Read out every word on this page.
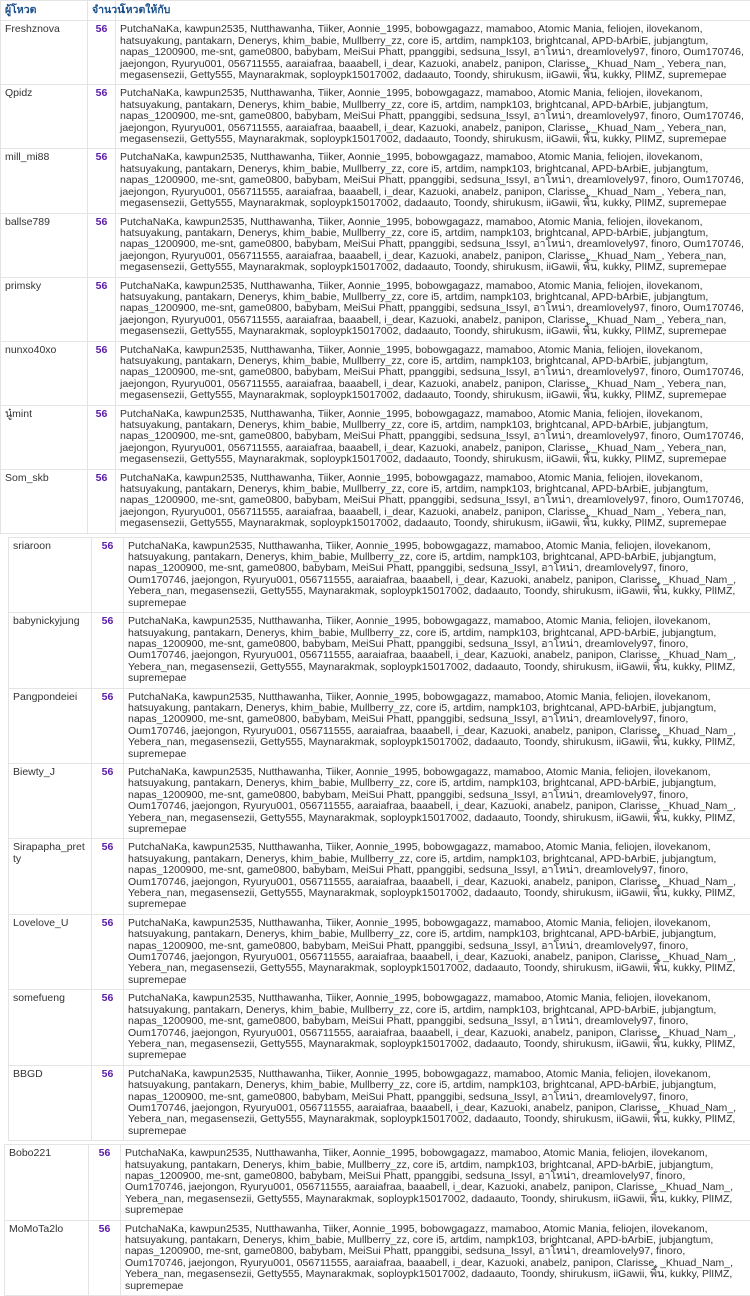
ผู้โหวต	จำนวน	โหวตให้กับ
Freshznova	56	PutchaNaKa, kawpun2535, Nutthawanha, Tiiker, Aonnie_1995, bobowgagazz, mamaboo, Atomic Mania, feliojen, ilovekanom, hatsuyakung, pantakarn, Denerys, khim_babie, Mullberry_zz, core i5, artdim, nampk103, brightcanal, APD-bArbiE, jubjangtum, napas_1200900, me-snt, game0800, babybam, MeiSui Phatt, ppanggibi, sedsuna_IssyI, อาโหน่า, dreamlovely97, finoro, Oum170746, jaejongon, Ryuryu001, 056711555, aaraiafraa, baaabell, i_dear, Kazuoki, anabelz, panipon, Clarisse, _Khuad_Nam_, Yebera_nan, megasensezii, Getty555, Maynarakmak, soploypk15017002, dadaauto, Toondy, shirukusm, iiGawii, พิ้น, kukky, PlIMZ, supremepae
Qpidz	56	PutchaNaKa, kawpun2535, Nutthawanha, Tiiker, Aonnie_1995, bobowgagazz, mamaboo, Atomic Mania, feliojen, ilovekanom, hatsuyakung, pantakarn, Denerys, khim_babie, Mullberry_zz, core i5, artdim, nampk103, brightcanal, APD-bArbiE, jubjangtum, napas_1200900, me-snt, game0800, babybam, MeiSui Phatt, ppanggibi, sedsuna_IssyI, อาโหน่า, dreamlovely97, finoro, Oum170746, jaejongon, Ryuryu001, 056711555, aaraiafraa, baaabell, i_dear, Kazuoki, anabelz, panipon, Clarisse, _Khuad_Nam_, Yebera_nan, megasensezii, Getty555, Maynarakmak, soploypk15017002, dadaauto, Toondy, shirukusm, iiGawii, พิ้น, kukky, PlIMZ, supremepae
mill_mi88	56	PutchaNaKa, kawpun2535, Nutthawanha, Tiiker, Aonnie_1995, bobowgagazz, mamaboo, Atomic Mania, feliojen, ilovekanom, hatsuyakung, pantakarn, Denerys, khim_babie, Mullberry_zz, core i5, artdim, nampk103, brightcanal, APD-bArbiE, jubjangtum, napas_1200900, me-snt, game0800, babybam, MeiSui Phatt, ppanggibi, sedsuna_IssyI, อาโหน่า, dreamlovely97, finoro, Oum170746, jaejongon, Ryuryu001, 056711555, aaraiafraa, baaabell, i_dear, Kazuoki, anabelz, panipon, Clarisse, _Khuad_Nam_, Yebera_nan, megasensezii, Getty555, Maynarakmak, soploypk15017002, dadaauto, Toondy, shirukusm, iiGawii, พิ้น, kukky, PlIMZ, supremepae
ballse789	56	PutchaNaKa, kawpun2535, Nutthawanha, Tiiker, Aonnie_1995, bobowgagazz, mamaboo, Atomic Mania, feliojen, ilovekanom, hatsuyakung, pantakarn, Denerys, khim_babie, Mullberry_zz, core i5, artdim, nampk103, brightcanal, APD-bArbiE, jubjangtum, napas_1200900, me-snt, game0800, babybam, MeiSui Phatt, ppanggibi, sedsuna_IssyI, อาโหน่า, dreamlovely97, finoro, Oum170746, jaejongon, Ryuryu001, 056711555, aaraiafraa, baaabell, i_dear, Kazuoki, anabelz, panipon, Clarisse, _Khuad_Nam_, Yebera_nan, megasensezii, Getty555, Maynarakmak, soploypk15017002, dadaauto, Toondy, shirukusm, iiGawii, พิ้น, kukky, PlIMZ, supremepae
primsky	56	PutchaNaKa, kawpun2535, Nutthawanha, Tiiker, Aonnie_1995, bobowgagazz, mamaboo, Atomic Mania, feliojen, ilovekanom, hatsuyakung, pantakarn, Denerys, khim_babie, Mullberry_zz, core i5, artdim, nampk103, brightcanal, APD-bArbiE, jubjangtum, napas_1200900, me-snt, game0800, babybam, MeiSui Phatt, ppanggibi, sedsuna_IssyI, อาโหน่า, dreamlovely97, finoro, Oum170746, jaejongon, Ryuryu001, 056711555, aaraiafraa, baaabell, i_dear, Kazuoki, anabelz, panipon, Clarisse, _Khuad_Nam_, Yebera_nan, megasensezii, Getty555, Maynarakmak, soploypk15017002, dadaauto, Toondy, shirukusm, iiGawii, พิ้น, kukky, PlIMZ, supremepae
nunxo40xo	56	PutchaNaKa, kawpun2535, Nutthawanha, Tiiker, Aonnie_1995, bobowgagazz, mamaboo, Atomic Mania, feliojen, ilovekanom, hatsuyakung, pantakarn, Denerys, khim_babie, Mullberry_zz, core i5, artdim, nampk103, brightcanal, APD-bArbiE, jubjangtum, napas_1200900, me-snt, game0800, babybam, MeiSui Phatt, ppanggibi, sedsuna_IssyI, อาโหน่า, dreamlovely97, finoro, Oum170746, jaejongon, Ryuryu001, 056711555, aaraiafraa, baaabell, i_dear, Kazuoki, anabelz, panipon, Clarisse, _Khuad_Nam_, Yebera_nan, megasensezii, Getty555, Maynarakmak, soploypk15017002, dadaauto, Toondy, shirukusm, iiGawii, พิ้น, kukky, PlIMZ, supremepae
นู๋mint	56	PutchaNaKa, kawpun2535, Nutthawanha, Tiiker, Aonnie_1995, bobowgagazz, mamaboo, Atomic Mania, feliojen, ilovekanom, hatsuyakung, pantakarn, Denerys, khim_babie, Mullberry_zz, core i5, artdim, nampk103, brightcanal, APD-bArbiE, jubjangtum, napas_1200900, me-snt, game0800, babybam, MeiSui Phatt, ppanggibi, sedsuna_IssyI, อาโหน่า, dreamlovely97, finoro, Oum170746, jaejongon, Ryuryu001, 056711555, aaraiafraa, baaabell, i_dear, Kazuoki, anabelz, panipon, Clarisse, _Khuad_Nam_, Yebera_nan, megasensezii, Getty555, Maynarakmak, soploypk15017002, dadaauto, Toondy, shirukusm, iiGawii, พิ้น, kukky, PlIMZ, supremepae
Som_skb	56	PutchaNaKa, kawpun2535, Nutthawanha, Tiiker, Aonnie_1995, bobowgagazz, mamaboo, Atomic Mania, feliojen, ilovekanom, hatsuyakung, pantakarn, Denerys, khim_babie, Mullberry_zz, core i5, artdim, nampk103, brightcanal, APD-bArbiE, jubjangtum, napas_1200900, me-snt, game0800, babybam, MeiSui Phatt, ppanggibi, sedsuna_IssyI, อาโหน่า, dreamlovely97, finoro, Oum170746, jaejongon, Ryuryu001, 056711555, aaraiafraa, baaabell, i_dear, Kazuoki, anabelz, panipon, Clarisse, _Khuad_Nam_, Yebera_nan, megasensezii, Getty555, Maynarakmak, soploypk15017002, dadaauto, Toondy, shirukusm, iiGawii, พิ้น, kukky, PlIMZ, supremepae
sriaroon	56	PutchaNaKa, kawpun2535, Nutthawanha, Tiiker, Aonnie_1995, bobowgagazz, mamaboo, Atomic Mania, feliojen, ilovekanom, hatsuyakung, pantakarn, Denerys, khim_babie, Mullberry_zz, core i5, artdim, nampk103, brightcanal, APD-bArbiE, jubjangtum, napas_1200900, me-snt, game0800, babybam, MeiSui Phatt, ppanggibi, sedsuna_IssyI, อาโหน่า, dreamlovely97, finoro, Oum170746, jaejongon, Ryuryu001, 056711555, aaraiafraa, baaabell, i_dear, Kazuoki, anabelz, panipon, Clarisse, _Khuad_Nam_, Yebera_nan, megasensezii, Getty555, Maynarakmak, soploypk15017002, dadaauto, Toondy, shirukusm, iiGawii, พิ้น, kukky, PlIMZ, supremepae
babynickyjung	56	PutchaNaKa, kawpun2535, Nutthawanha, Tiiker, Aonnie_1995, bobowgagazz, mamaboo, Atomic Mania, feliojen, ilovekanom, hatsuyakung, pantakarn, Denerys, khim_babie, Mullberry_zz, core i5, artdim, nampk103, brightcanal, APD-bArbiE, jubjangtum, napas_1200900, me-snt, game0800, babybam, MeiSui Phatt, ppanggibi, sedsuna_IssyI, อาโหน่า, dreamlovely97, finoro, Oum170746, jaejongon, Ryuryu001, 056711555, aaraiafraa, baaabell, i_dear, Kazuoki, anabelz, panipon, Clarisse, _Khuad_Nam_, Yebera_nan, megasensezii, Getty555, Maynarakmak, soploypk15017002, dadaauto, Toondy, shirukusm, iiGawii, พิ้น, kukky, PlIMZ, supremepae
Pangpondeiei	56	PutchaNaKa, kawpun2535, Nutthawanha, Tiiker, Aonnie_1995, bobowgagazz, mamaboo, Atomic Mania, feliojen, ilovekanom, hatsuyakung, pantakarn, Denerys, khim_babie, Mullberry_zz, core i5, artdim, nampk103, brightcanal, APD-bArbiE, jubjangtum, napas_1200900, me-snt, game0800, babybam, MeiSui Phatt, ppanggibi, sedsuna_IssyI, อาโหน่า, dreamlovely97, finoro, Oum170746, jaejongon, Ryuryu001, 056711555, aaraiafraa, baaabell, i_dear, Kazuoki, anabelz, panipon, Clarisse, _Khuad_Nam_, Yebera_nan, megasensezii, Getty555, Maynarakmak, soploypk15017002, dadaauto, Toondy, shirukusm, iiGawii, พิ้น, kukky, PlIMZ, supremepae
Biewty_J	56	PutchaNaKa, kawpun2535, Nutthawanha, Tiiker, Aonnie_1995, bobowgagazz, mamaboo, Atomic Mania, feliojen, ilovekanom, hatsuyakung, pantakarn, Denerys, khim_babie, Mullberry_zz, core i5, artdim, nampk103, brightcanal, APD-bArbiE, jubjangtum, napas_1200900, me-snt, game0800, babybam, MeiSui Phatt, ppanggibi, sedsuna_IssyI, อาโหน่า, dreamlovely97, finoro, Oum170746, jaejongon, Ryuryu001, 056711555, aaraiafraa, baaabell, i_dear, Kazuoki, anabelz, panipon, Clarisse, _Khuad_Nam_, Yebera_nan, megasensezii, Getty555, Maynarakmak, soploypk15017002, dadaauto, Toondy, shirukusm, iiGawii, พิ้น, kukky, PlIMZ, supremepae
Sirapapha_pretty	56	PutchaNaKa, kawpun2535, Nutthawanha, Tiiker, Aonnie_1995, bobowgagazz, mamaboo, Atomic Mania, feliojen, ilovekanom, hatsuyakung, pantakarn, Denerys, khim_babie, Mullberry_zz, core i5, artdim, nampk103, brightcanal, APD-bArbiE, jubjangtum, napas_1200900, me-snt, game0800, babybam, MeiSui Phatt, ppanggibi, sedsuna_IssyI, อาโหน่า, dreamlovely97, finoro, Oum170746, jaejongon, Ryuryu001, 056711555, aaraiafraa, baaabell, i_dear, Kazuoki, anabelz, panipon, Clarisse, _Khuad_Nam_, Yebera_nan, megasensezii, Getty555, Maynarakmak, soploypk15017002, dadaauto, Toondy, shirukusm, iiGawii, พิ้น, kukky, PlIMZ, supremepae
Lovelove_U	56	PutchaNaKa, kawpun2535, Nutthawanha, Tiiker, Aonnie_1995, bobowgagazz, mamaboo, Atomic Mania, feliojen, ilovekanom, hatsuyakung, pantakarn, Denerys, khim_babie, Mullberry_zz, core i5, artdim, nampk103, brightcanal, APD-bArbiE, jubjangtum, napas_1200900, me-snt, game0800, babybam, MeiSui Phatt, ppanggibi, sedsuna_IssyI, อาโหน่า, dreamlovely97, finoro, Oum170746, jaejongon, Ryuryu001, 056711555, aaraiafraa, baaabell, i_dear, Kazuoki, anabelz, panipon, Clarisse, _Khuad_Nam_, Yebera_nan, megasensezii, Getty555, Maynarakmak, soploypk15017002, dadaauto, Toondy, shirukusm, iiGawii, พิ้น, kukky, PlIMZ, supremepae
somefueng	56	PutchaNaKa, kawpun2535, Nutthawanha, Tiiker, Aonnie_1995, bobowgagazz, mamaboo, Atomic Mania, feliojen, ilovekanom, hatsuyakung, pantakarn, Denerys, khim_babie, Mullberry_zz, core i5, artdim, nampk103, brightcanal, APD-bArbiE, jubjangtum, napas_1200900, me-snt, game0800, babybam, MeiSui Phatt, ppanggibi, sedsuna_IssyI, อาโหน่า, dreamlovely97, finoro, Oum170746, jaejongon, Ryuryu001, 056711555, aaraiafraa, baaabell, i_dear, Kazuoki, anabelz, panipon, Clarisse, _Khuad_Nam_, Yebera_nan, megasensezii, Getty555, Maynarakmak, soploypk15017002, dadaauto, Toondy, shirukusm, iiGawii, พิ้น, kukky, PlIMZ, supremepae
BBGD	56	PutchaNaKa, kawpun2535, Nutthawanha, Tiiker, Aonnie_1995, bobowgagazz, mamaboo, Atomic Mania, feliojen, ilovekanom, hatsuyakung, pantakarn, Denerys, khim_babie, Mullberry_zz, core i5, artdim, nampk103, brightcanal, APD-bArbiE, jubjangtum, napas_1200900, me-snt, game0800, babybam, MeiSui Phatt, ppanggibi, sedsuna_IssyI, อาโหน่า, dreamlovely97, finoro, Oum170746, jaejongon, Ryuryu001, 056711555, aaraiafraa, baaabell, i_dear, Kazuoki, anabelz, panipon, Clarisse, _Khuad_Nam_, Yebera_nan, megasensezii, Getty555, Maynarakmak, soploypk15017002, dadaauto, Toondy, shirukusm, iiGawii, พิ้น, kukky, PlIMZ, supremepae
Bobo221	56	PutchaNaKa, kawpun2535, Nutthawanha, Tiiker, Aonnie_1995, bobowgagazz, mamaboo, Atomic Mania, feliojen, ilovekanom, hatsuyakung, pantakarn, Denerys, khim_babie, Mullberry_zz, core i5, artdim, nampk103, brightcanal, APD-bArbiE, jubjangtum, napas_1200900, me-snt, game0800, babybam, MeiSui Phatt, ppanggibi, sedsuna_IssyI, อาโหน่า, dreamlovely97, finoro, Oum170746, jaejongon, Ryuryu001, 056711555, aaraiafraa, baaabell, i_dear, Kazuoki, anabelz, panipon, Clarisse, _Khuad_Nam_, Yebera_nan, megasensezii, Getty555, Maynarakmak, soploypk15017002, dadaauto, Toondy, shirukusm, iiGawii, พิ้น, kukky, PlIMZ, supremepae
MoMoTa2lo	56	PutchaNaKa, kawpun2535, Nutthawanha, Tiiker, Aonnie_1995, bobowgagazz, mamaboo, Atomic Mania, feliojen, ilovekanom, hatsuyakung, pantakarn, Denerys, khim_babie, Mullberry_zz, core i5, artdim, nampk103, brightcanal, APD-bArbiE, jubjangtum, napas_1200900, me-snt, game0800, babybam, MeiSui Phatt, ppanggibi, sedsuna_IssyI, อาโหน่า, dreamlovely97, finoro, Oum170746, jaejongon, Ryuryu001, 056711555, aaraiafraa, baaabell, i_dear, Kazuoki, anabelz, panipon, Clarisse, _Khuad_Nam_, Yebera_nan, megasensezii, Getty555, Maynarakmak, soploypk15017002, dadaauto, Toondy, shirukusm, iiGawii, พิ้น, kukky, PlIMZ, supremepae
